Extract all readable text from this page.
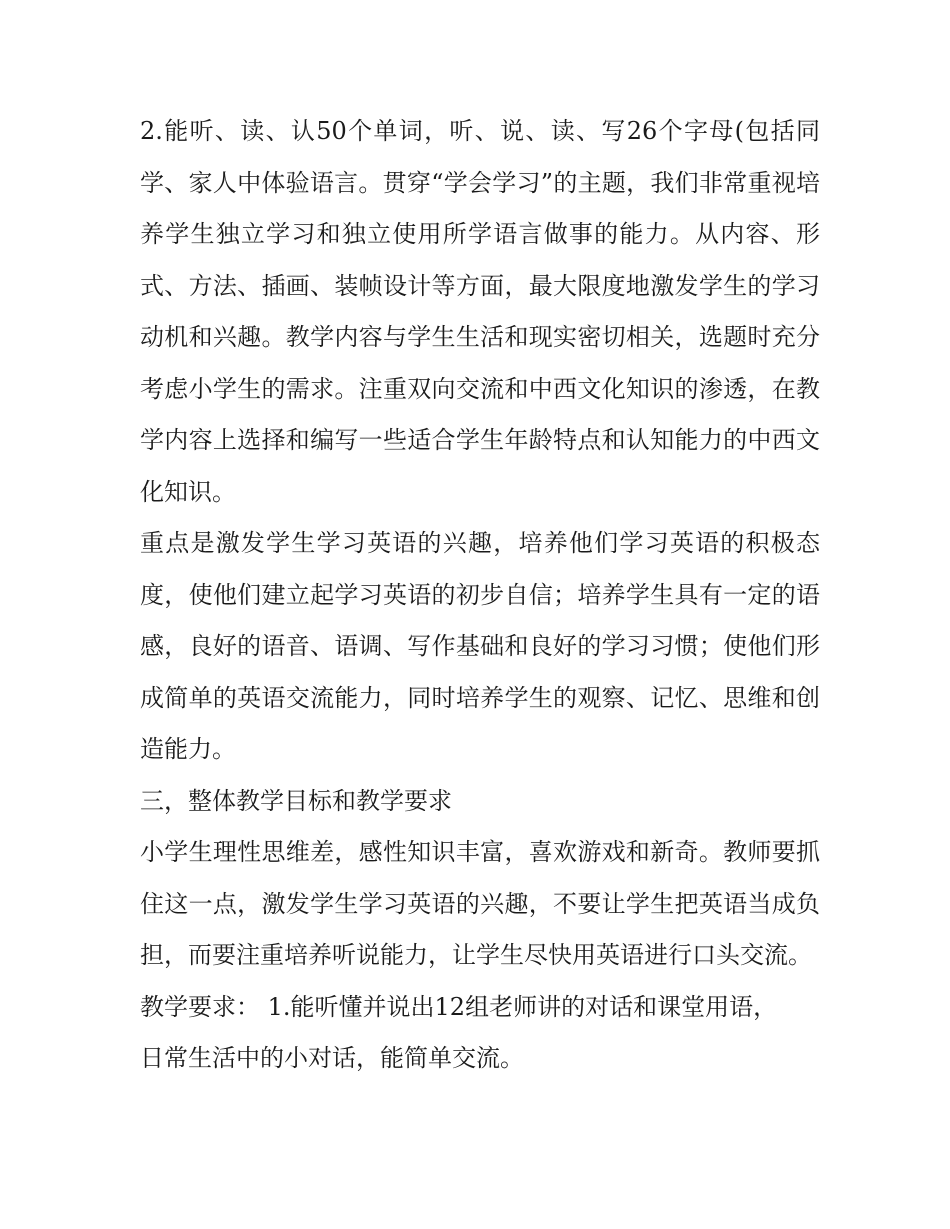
2.能听、读、认50个单词，听、说、读、写26个字母(包括同学、家人中体验语言。贯穿“学会学习”的主题，我们非常重视培养学生独立学习和独立使用所学语言做事的能力。从内容、形式、方法、插画、装帧设计等方面，最大限度地激发学生的学习动机和兴趣。教学内容与学生生活和现实密切相关，选题时充分考虑小学生的需求。注重双向交流和中西文化知识的渗透，在教学内容上选择和编写一些适合学生年龄特点和认知能力的中西文化知识。

重点是激发学生学习英语的兴趣，培养他们学习英语的积极态度，使他们建立起学习英语的初步自信；培养学生具有一定的语感，良好的语音、语调、写作基础和良好的学习习惯；使他们形成简单的英语交流能力，同时培养学生的观察、记忆、思维和创造能力。

三，整体教学目标和教学要求

小学生理性思维差，感性知识丰富，喜欢游戏和新奇。教师要抓住这一点，激发学生学习英语的兴趣，不要让学生把英语当成负担，而要注重培养听说能力，让学生尽快用英语进行口头交流。

教学要求： 1.能听懂并说出12组老师讲的对话和课堂用语，

日常生活中的小对话，能简单交流。
